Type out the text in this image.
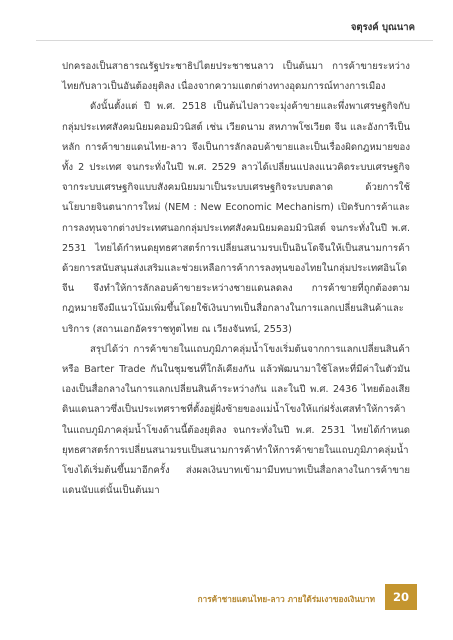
จตุรงค์ บุณนาค

ปกครองเป็นสาธารณรัฐประชาธิปไตยประชาชนลาว เป็นต้นมา การค้าขายระหว่างไทยกับลาวเป็นอันต้องยุติลง เนื่องจากความแตกต่างทางอุดมการณ์ทางการเมือง

ดังนั้นตั้งแต่ ปี พ.ศ. 2518 เป็นต้นไปลาวจะมุ่งค้าขายและพึ่งพาเศรษฐกิจกับกลุ่มประเทศสังคมนิยมคอมมิวนิสต์ เช่น เวียดนาม สหภาพโซเวียต จีน และอังการีเป็นหลัก การค้าขายแดนไทย-ลาว จึงเป็นการลักลอบค้าขายและเป็นเรื่องผิดกฎหมายของทั้ง 2 ประเทศ จนกระทั่งในปี พ.ศ. 2529 ลาวได้เปลี่ยนแปลงแนวคิดระบบเศรษฐกิจจากระบบเศรษฐกิจแบบสังคมนิยมมาเป็นระบบเศรษฐกิจระบบตลาด ด้วยการใช้นโยบายจินตนาการใหม่ (NEM : New Economic Mechanism) เปิดรับการค้าและการลงทุนจากต่างประเทศนอกกลุ่มประเทศสังคมนิยมคอมมิวนิสต์ จนกระทั่งในปี พ.ศ. 2531 ไทยได้กำหนดยุทธศาสตร์การเปลี่ยนสนามรบเป็นอินโดจีนให้เป็นสนามการค้าด้วยการสนับสนุนส่งเสริมและช่วยเหลือการค้าการลงทุนของไทยในกลุ่มประเทศอินโดจีน จึงทำให้การลักลอบค้าขายระหว่างชายแดนลดลง การค้าขายที่ถูกต้องตามกฎหมายจึงมีแนวโน้มเพิ่มขึ้นโดยใช้เงินบาทเป็นสื่อกลางในการแลกเปลี่ยนสินค้าและบริการ (สถานเอกอัครราชทูตไทย ณ เวียงจันทน์, 2553)

สรุปได้ว่า การค้าขายในแถบภูมิภาคลุ่มน้ำโขงเริ่มต้นจากการแลกเปลี่ยนสินค้า หรือ Barter Trade กันในชุมชนที่ใกล้เคียงกัน แล้วพัฒนามาใช้โลหะที่มีค่าในตัวมันเองเป็นสื่อกลางในการแลกเปลี่ยนสินค้าระหว่างกัน และในปี พ.ศ. 2436 ไทยต้องเสียดินแดนลาวซึ่งเป็นประเทศราชที่ตั้งอยู่ฝั่งซ้ายของแม่น้ำโขงให้แก่ฝรั่งเศสทำให้การค้าในแถบภูมิภาคลุ่มน้ำโขงด้านนี้ต้องยุติลง จนกระทั่งในปี พ.ศ. 2531 ไทยได้กำหนดยุทธศาสตร์การเปลี่ยนสนามรบเป็นสนามการค้าทำให้การค้าขายในแถบภูมิภาคลุ่มน้ำโขงได้เริ่มต้นขึ้นมาอีกครั้ง ส่งผลเงินบาทเข้ามามีบทบาทเป็นสื่อกลางในการค้าขายแดนนับแต่นั้นเป็นต้นมา

การค้าชายแดนไทย-ลาว ภายใต้ร่มเงาของเงินบาท 20
